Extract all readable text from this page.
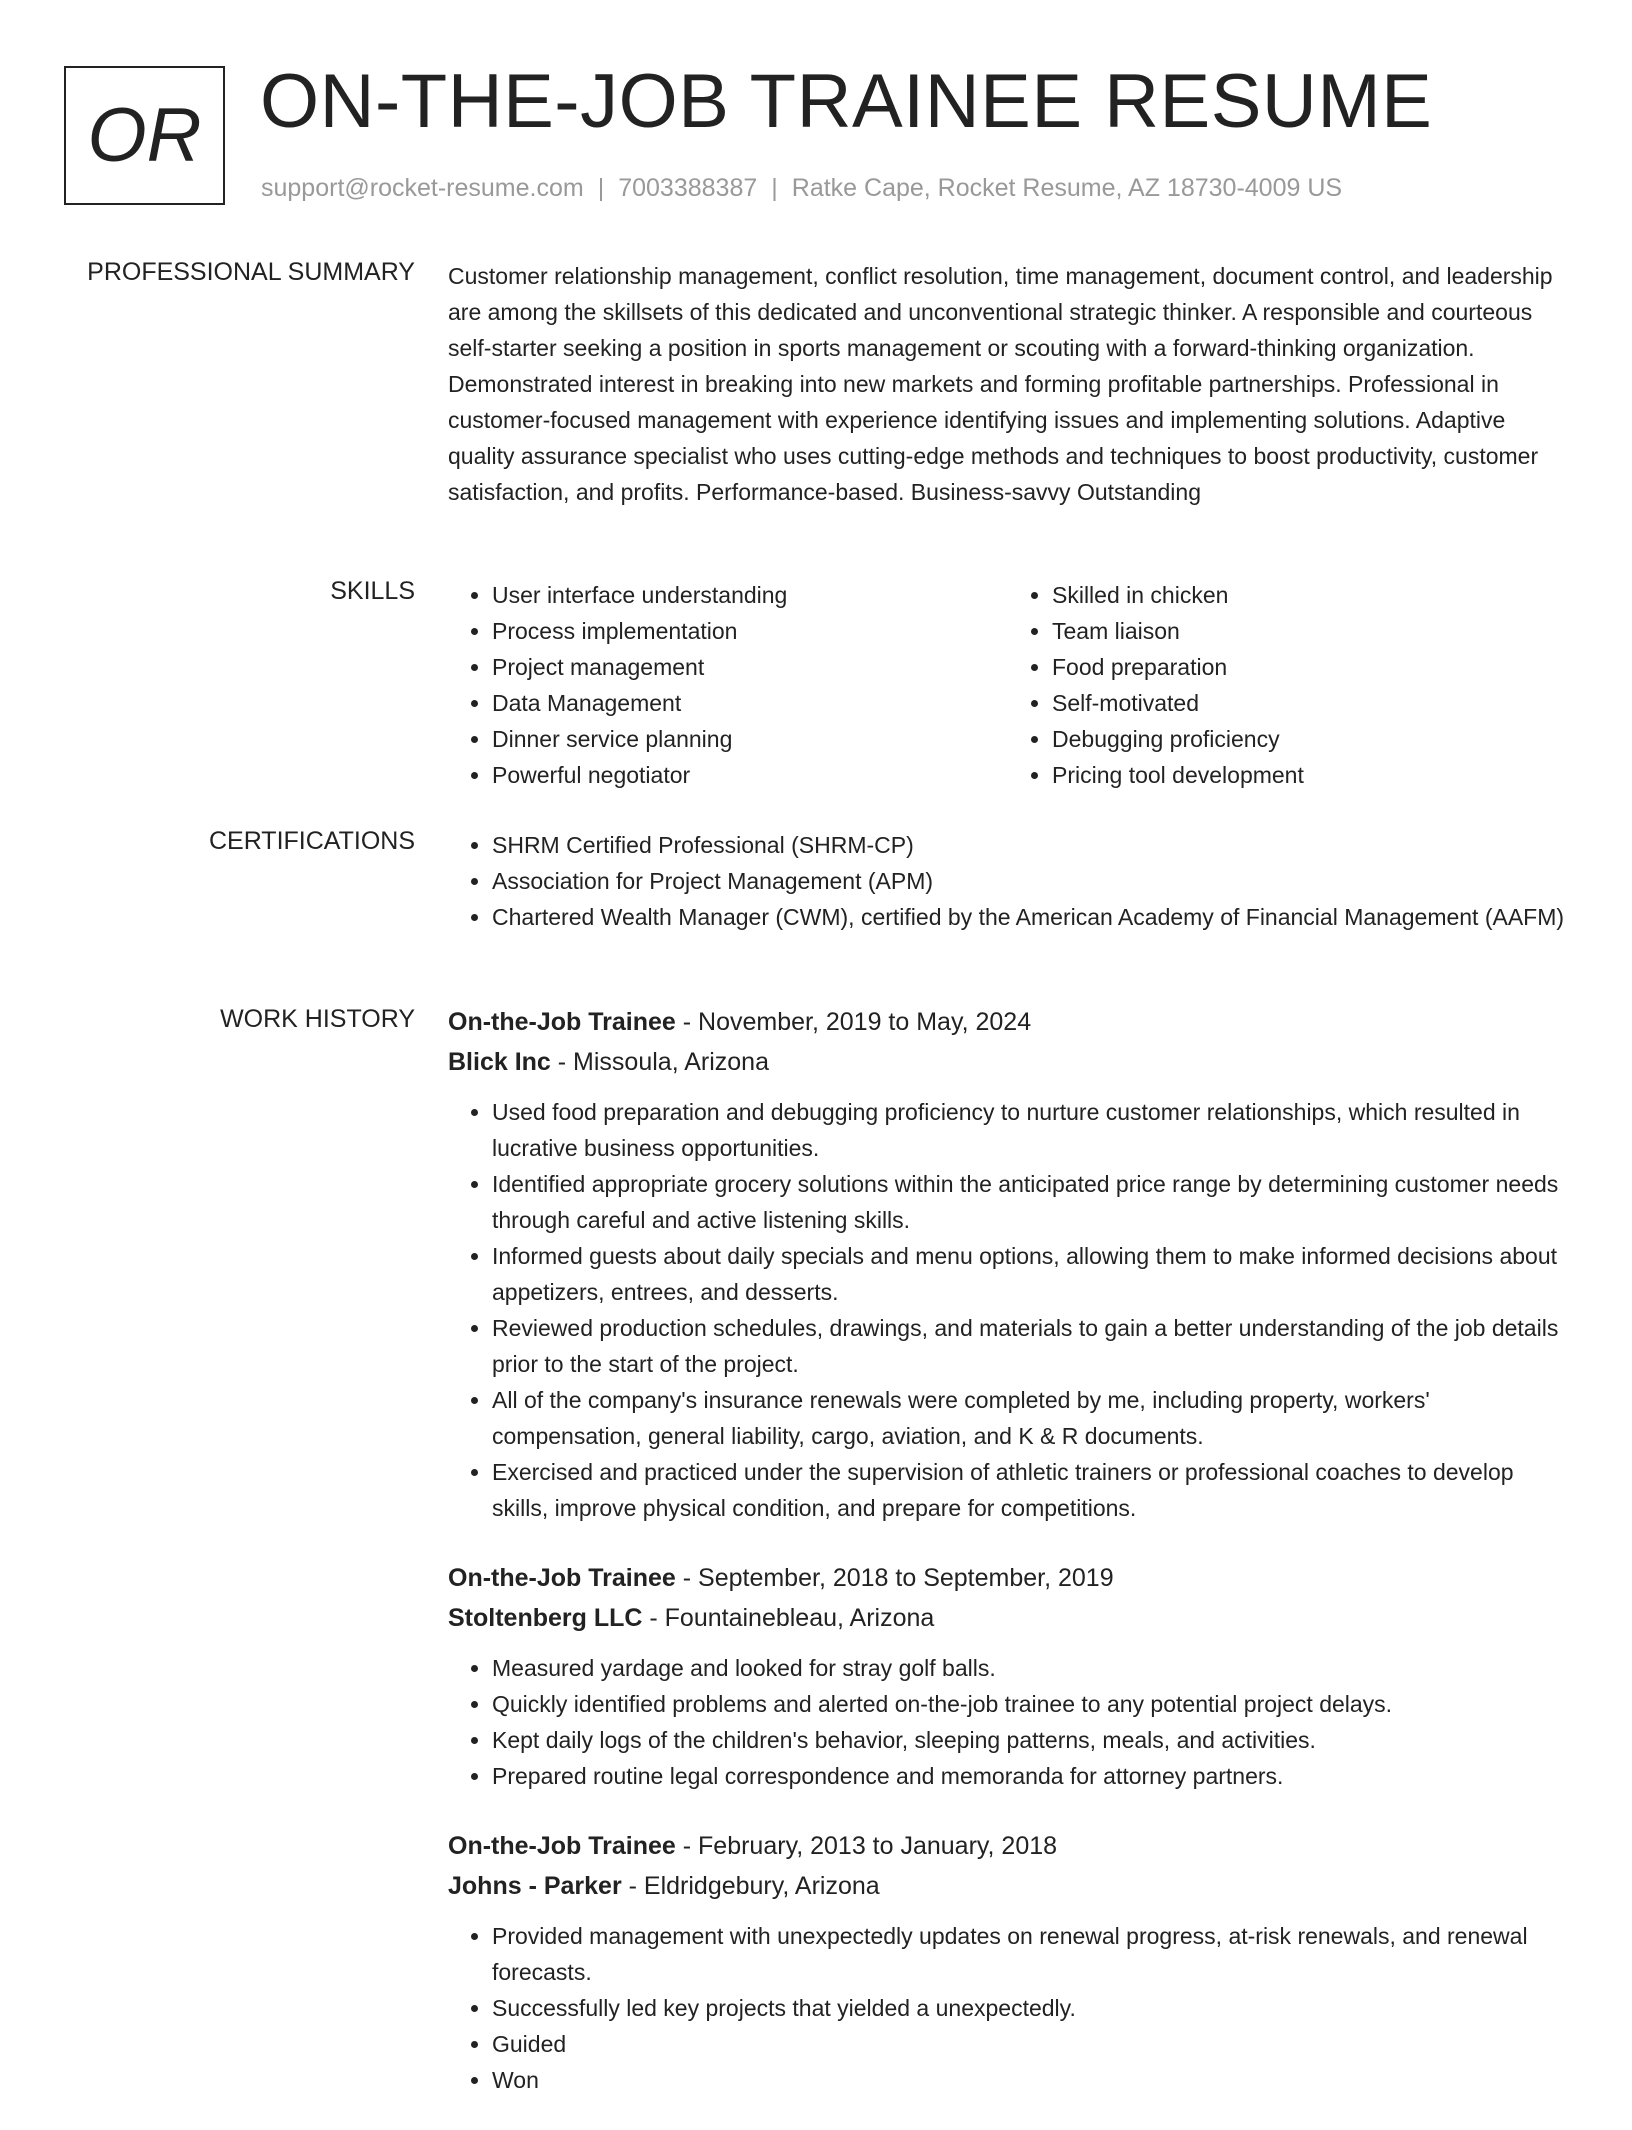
OR ON-THE-JOB TRAINEE RESUME
support@rocket-resume.com | 7003388387 | Ratke Cape, Rocket Resume, AZ 18730-4009 US
PROFESSIONAL SUMMARY Customer relationship management, conflict resolution, time management, document control, and leadership are among the skillsets of this dedicated and unconventional strategic thinker. A responsible and courteous self-starter seeking a position in sports management or scouting with a forward-thinking organization. Demonstrated interest in breaking into new markets and forming profitable partnerships. Professional in customer-focused management with experience identifying issues and implementing solutions. Adaptive quality assurance specialist who uses cutting-edge methods and techniques to boost productivity, customer satisfaction, and profits. Performance-based. Business-savvy Outstanding

SKILLS	• User interface understanding
• Process implementation
• Project management
• Data Management
• Dinner service planning
• Powerful negotiator
• Skilled in chicken
• Team liaison
• Food preparation
• Self-motivated
• Debugging proficiency
• Pricing tool development
CERTIFICATIONS	• SHRM Certified Professional (SHRM-CP)
• Association for Project Management (APM)
• Chartered Wealth Manager (CWM), certified by the American Academy of Financial Management (AAFM)
WORK HISTORY On-the-Job Trainee - November, 2019 to May, 2024
Blick Inc - Missoula, Arizona
• Used food preparation and debugging proficiency to nurture customer relationships, which resulted in lucrative business opportunities.
• Identified appropriate grocery solutions within the anticipated price range by determining customer needs through careful and active listening skills.
• Informed guests about daily specials and menu options, allowing them to make informed decisions about appetizers, entrees, and desserts.
• Reviewed production schedules, drawings, and materials to gain a better understanding of the job details prior to the start of the project.
• All of the company's insurance renewals were completed by me, including property, workers' compensation, general liability, cargo, aviation, and K & R documents.
• Exercised and practiced under the supervision of athletic trainers or professional coaches to develop skills, improve physical condition, and prepare for competitions.
On-the-Job Trainee - September, 2018 to September, 2019
Stoltenberg LLC - Fountainebleau, Arizona
• Measured yardage and looked for stray golf balls.
• Quickly identified problems and alerted on-the-job trainee to any potential project delays.
• Kept daily logs of the children's behavior, sleeping patterns, meals, and activities.
• Prepared routine legal correspondence and memoranda for attorney partners.
On-the-Job Trainee - February, 2013 to January, 2018
Johns - Parker - Eldridgebury, Arizona
• Provided management with unexpectedly updates on renewal progress, at-risk renewals, and renewal forecasts.
• Successfully led key projects that yielded a unexpectedly.
• Guided
• Won
